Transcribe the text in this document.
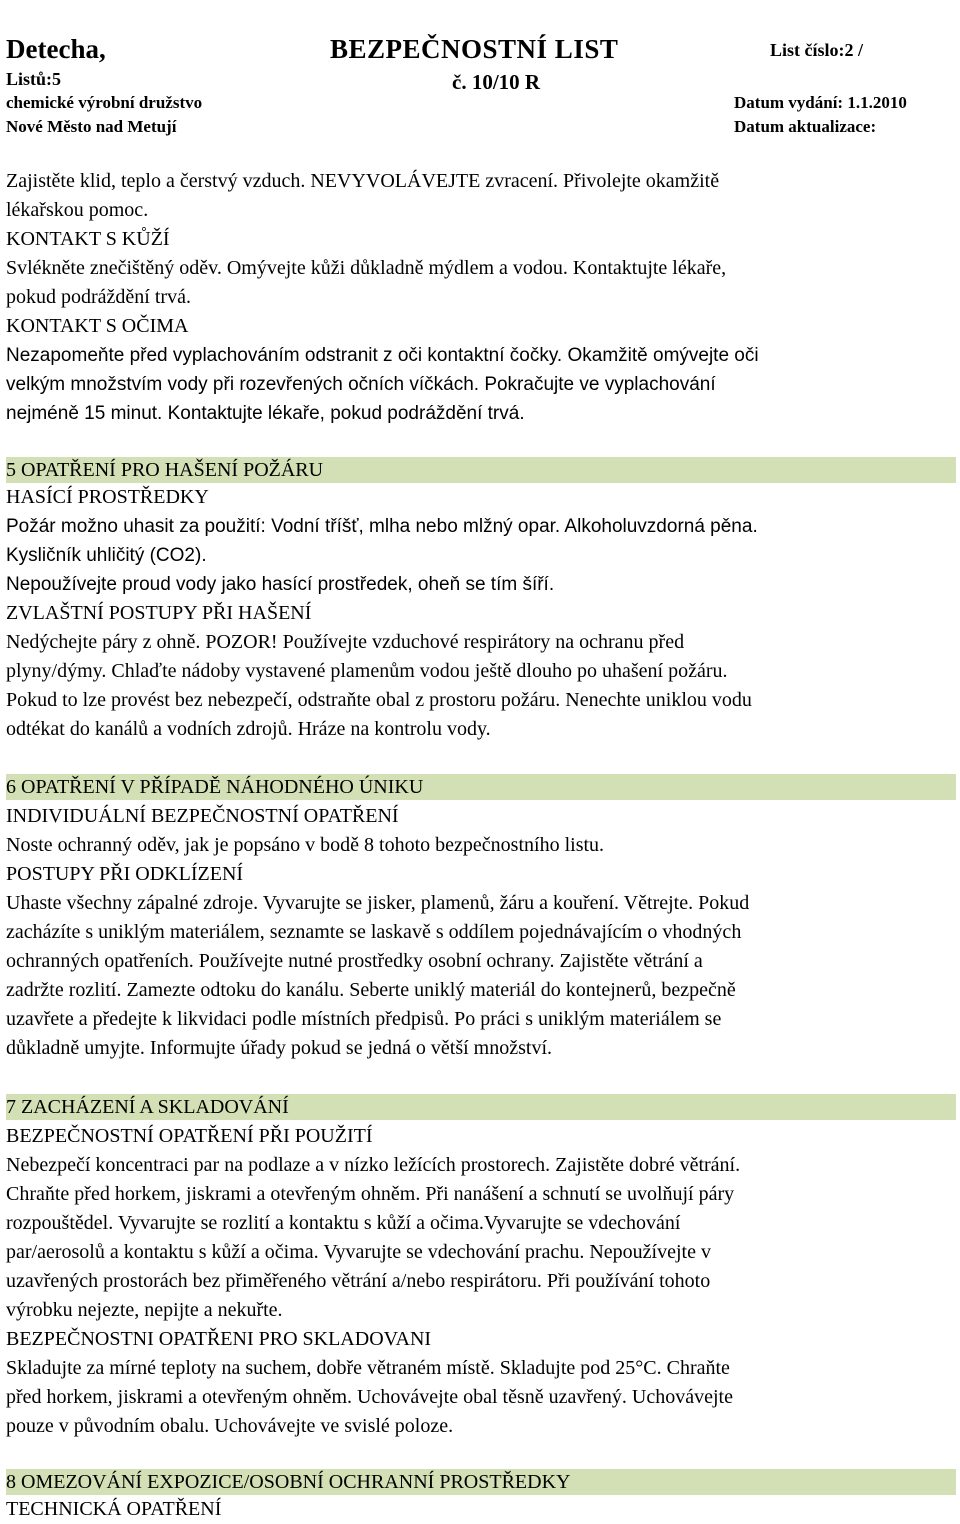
Detecha,
Listů:5
BEZPEČNOSTNÍ LIST
č. 10/10 R
List číslo:2 /
chemické výrobní družstvo	Datum vydání: 1.1.2010
Nové Město nad Metují	Datum aktualizace:
Zajistěte klid, teplo a čerstvý vzduch. NEVYVOLÁVEJTE zvracení. Přivolejte okamžitě
lékařskou pomoc.
KONTAKT S KŮŽÍ
Svlékněte znečištěný oděv. Omývejte kůži důkladně mýdlem a vodou. Kontaktujte lékaře,
pokud podráždění trvá.
KONTAKT S OČIMA
Nezapomeňte před vyplachováním odstranit z oči kontaktní čočky. Okamžitě omývejte oči
velkým množstvím vody při rozevřených očních víčkách. Pokračujte ve vyplachování
nejméně 15 minut. Kontaktujte lékaře, pokud podráždění trvá.
5 OPATŘENÍ PRO HAŠENÍ POŽÁRU
HASÍCÍ PROSTŘEDKY
Požár možno uhasit za použití: Vodní tříšť, mlha nebo mlžný opar. Alkoholuvzdorná pěna.
Kysličník uhličitý (CO2).
Nepoužívejte proud vody jako hasící prostředek, oheň se tím šíří.
ZVLAŠTNÍ POSTUPY PŘI HAŠENÍ
Nedýchejte páry z ohně. POZOR! Používejte vzduchové respirátory na ochranu před
plyny/dýmy. Chlaďte nádoby vystavené plamenům vodou ještě dlouho po uhašení požáru.
Pokud to lze provést bez nebezpečí, odstraňte obal z prostoru požáru. Nenechte uniklou vodu
odtékat do kanálů a vodních zdrojů. Hráze na kontrolu vody.
6 OPATŘENÍ V PŘÍPADĚ NÁHODNÉHO ÚNIKU
INDIVIDUÁLNÍ BEZPEČNOSTNÍ OPATŘENÍ
Noste ochranný oděv, jak je popsáno v bodě 8 tohoto bezpečnostního listu.
POSTUPY PŘI ODKLÍZENÍ
Uhaste všechny zápalné zdroje. Vyvarujte se jisker, plamenů, žáru a kouření. Větrejte. Pokud
zacházíte s uniklým materiálem, seznamte se laskavě s oddílem pojednávajícím o vhodných
ochranných opatřeních. Používejte nutné prostředky osobní ochrany. Zajistěte větrání a
zadržte rozlití. Zamezte odtoku do kanálu. Seberte uniklý materiál do kontejnerů, bezpečně
uzavřete a předejte k likvidaci podle místních předpisů. Po práci s uniklým materiálem se
důkladně umyjte. Informujte úřady pokud se jedná o větší množství.
7 ZACHÁZENÍ A SKLADOVÁNÍ
BEZPEČNOSTNÍ OPATŘENÍ PŘI POUŽITÍ
Nebezpečí koncentraci par na podlaze a v nízko ležících prostorech. Zajistěte dobré větrání.
Chraňte před horkem, jiskrami a otevřeným ohněm. Při nanášení a schnutí se uvolňují páry
rozpouštědel. Vyvarujte se rozlití a kontaktu s kůží a očima.Vyvarujte se vdechování
par/aerosolů a kontaktu s kůží a očima. Vyvarujte se vdechování prachu. Nepoužívejte v
uzavřených prostorách bez přiměřeného větrání a/nebo respirátoru. Při používání tohoto
výrobku nejezte, nepijte a nekuřte.
BEZPEČNOSTNI OPATŘENI PRO SKLADOVANI
Skladujte za mírné teploty na suchem, dobře větraném místě. Skladujte pod 25°C. Chraňte
před horkem, jiskrami a otevřeným ohněm. Uchovávejte obal těsně uzavřený. Uchovávejte
pouze v původním obalu. Uchovávejte ve svislé poloze.
8 OMEZOVÁNÍ EXPOZICE/OSOBNÍ OCHRANNÍ PROSTŘEDKY
TECHNICKÁ OPATŘENÍ
